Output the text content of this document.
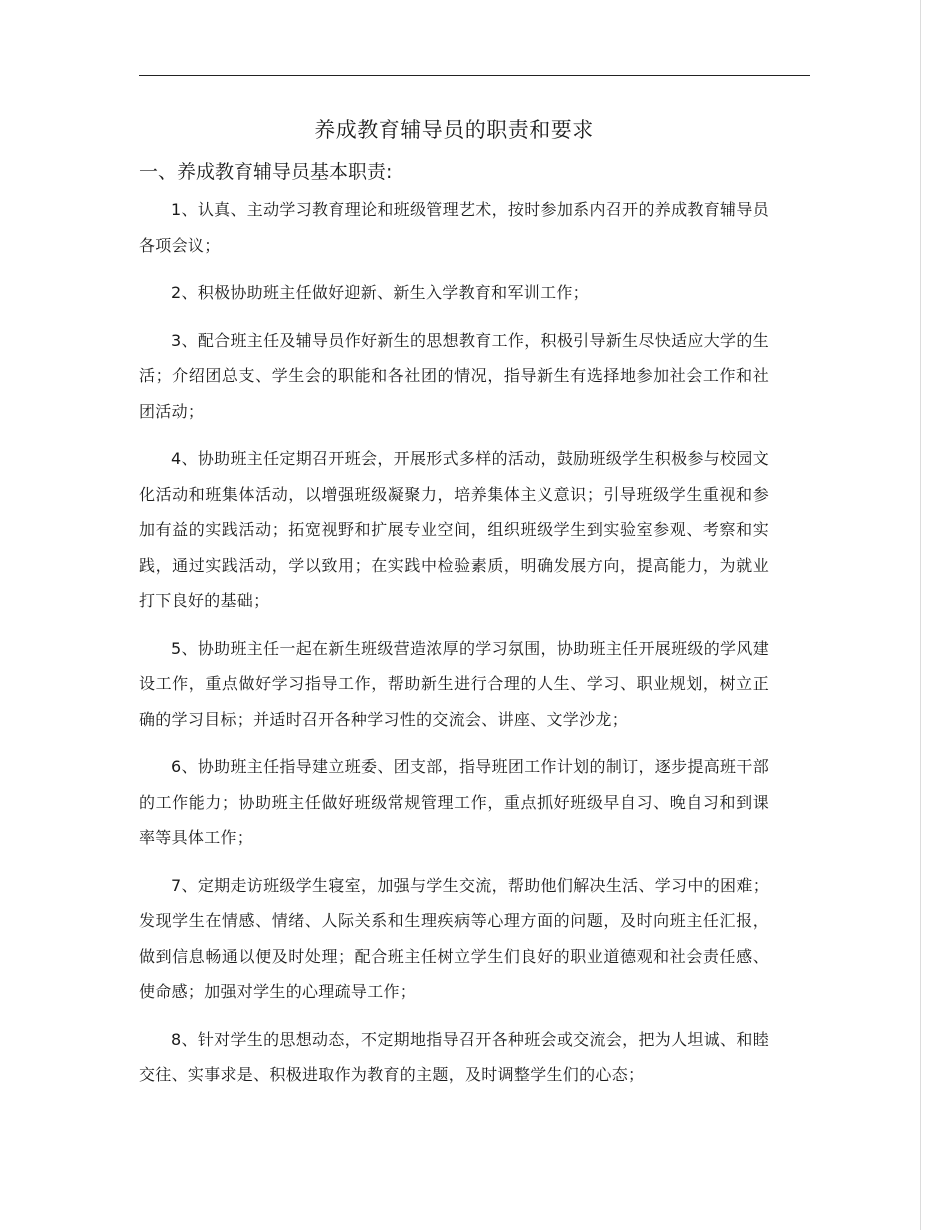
养成教育辅导员的职责和要求
一、养成教育辅导员基本职责:

1、认真、主动学习教育理论和班级管理艺术，按时参加系内召开的养成教育辅导员各项会议；

2、积极协助班主任做好迎新、新生入学教育和军训工作；

3、配合班主任及辅导员作好新生的思想教育工作，积极引导新生尽快适应大学的生活；介绍团总支、学生会的职能和各社团的情况，指导新生有选择地参加社会工作和社团活动；

4、协助班主任定期召开班会，开展形式多样的活动，鼓励班级学生积极参与校园文化活动和班集体活动，以增强班级凝聚力，培养集体主义意识；引导班级学生重视和参加有益的实践活动；拓宽视野和扩展专业空间，组织班级学生到实验室参观、考察和实践，通过实践活动，学以致用；在实践中检验素质，明确发展方向，提高能力，为就业打下良好的基础；

5、协助班主任一起在新生班级营造浓厚的学习氛围，协助班主任开展班级的学风建设工作，重点做好学习指导工作，帮助新生进行合理的人生、学习、职业规划，树立正确的学习目标；并适时召开各种学习性的交流会、讲座、文学沙龙；

6、协助班主任指导建立班委、团支部，指导班团工作计划的制订，逐步提高班干部的工作能力；协助班主任做好班级常规管理工作，重点抓好班级早自习、晚自习和到课率等具体工作；

7、定期走访班级学生寝室，加强与学生交流，帮助他们解决生活、学习中的困难；发现学生在情感、情绪、人际关系和生理疾病等心理方面的问题，及时向班主任汇报，做到信息畅通以便及时处理；配合班主任树立学生们良好的职业道德观和社会责任感、使命感；加强对学生的心理疏导工作；

8、针对学生的思想动态，不定期地指导召开各种班会或交流会，把为人坦诚、和睦交往、实事求是、积极进取作为教育的主题，及时调整学生们的心态；
